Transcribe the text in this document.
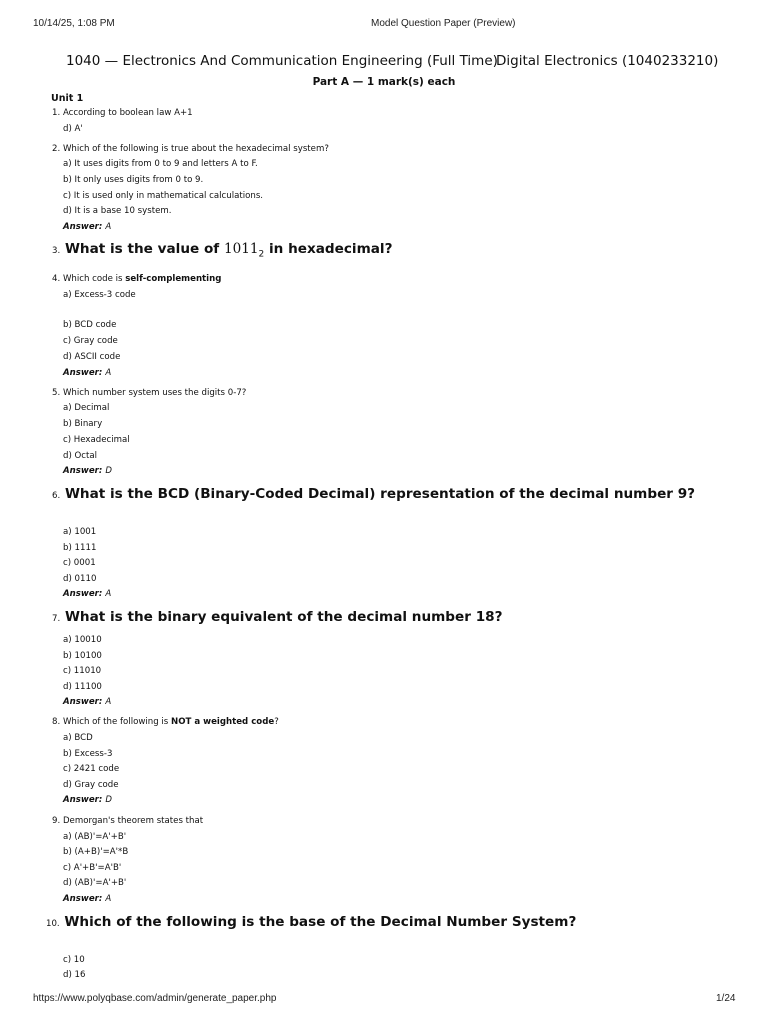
10/14/25, 1:08 PM	Model Question Paper (Preview)
1040 — Electronics And Communication Engineering (Full Time)
Digital Electronics (1040233210)
Part A — 1 mark(s) each
Unit 1
1. According to boolean law A+1
d) A'
2. Which of the following is true about the hexadecimal system?
a) It uses digits from 0 to 9 and letters A to F.
b) It only uses digits from 0 to 9.
c) It is used only in mathematical calculations.
d) It is a base 10 system.
Answer: A
3. What is the value of $1011_2$ in hexadecimal?
4. Which code is self-complementing
a) Excess-3 code
b) BCD code
c) Gray code
d) ASCII code
Answer: A
5. Which number system uses the digits 0-7?
a) Decimal
b) Binary
c) Hexadecimal
d) Octal
Answer: D
6. What is the BCD (Binary-Coded Decimal) representation of the decimal number 9?
a) 1001
b) 1111
c) 0001
d) 0110
Answer: A
7. What is the binary equivalent of the decimal number 18?
a) 10010
b) 10100
c) 11010
d) 11100
Answer: A
8. Which of the following is NOT a weighted code?
a) BCD
b) Excess-3
c) 2421 code
d) Gray code
Answer: D
9. Demorgan's theorem states that
a) (AB)'=A'+B'
b) (A+B)'=A'*B
c) A'+B'=A'B'
d) (AB)'=A'+B'
Answer: A
10. Which of the following is the base of the Decimal Number System?
c) 10
d) 16
https://www.polyqbase.com/admin/generate_paper.php	1/24
